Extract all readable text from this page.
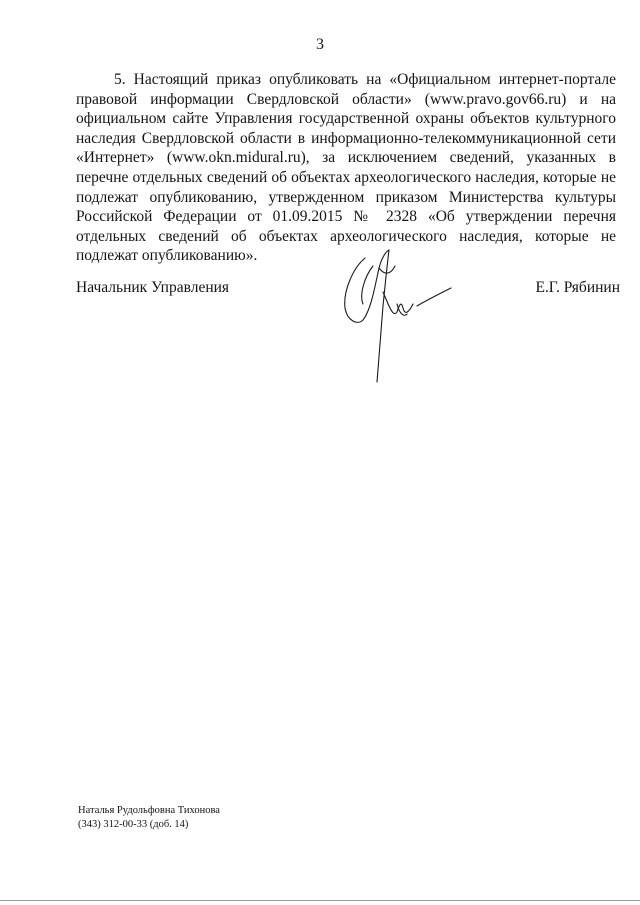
3

5. Настоящий приказ опубликовать на «Официальном интернет-портале правовой информации Свердловской области» (www.pravo.gov66.ru) и на официальном сайте Управления государственной охраны объектов культурного наследия Свердловской области в информационно-телекоммуникационной сети «Интернет» (www.okn.midural.ru), за исключением сведений, указанных в перечне отдельных сведений об объектах археологического наследия, которые не подлежат опубликованию, утвержденном приказом Министерства культуры Российской Федерации от 01.09.2015 № 2328 «Об утверждении перечня отдельных сведений об объектах археологического наследия, которые не подлежат опубликованию».

Начальник Управления	Е.Г. Рябинин
Наталья Рудольфовна Тихонова
(343) 312-00-33 (доб. 14)
